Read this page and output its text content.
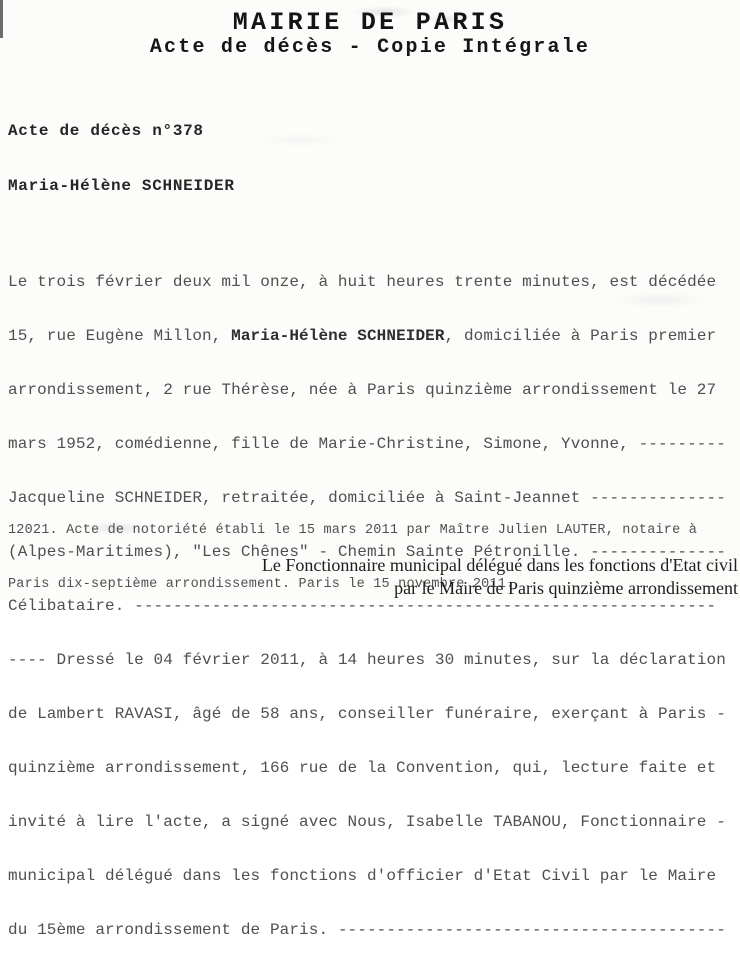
MAIRIE DE PARIS
Acte de décès - Copie Intégrale
Acte de décès n°378
Maria-Hélène SCHNEIDER

Le trois février deux mil onze, à huit heures trente minutes, est décédée

15, rue Eugène Millon, Maria-Hélène SCHNEIDER, domiciliée à Paris premier

arrondissement, 2 rue Thérèse, née à Paris quinzième arrondissement le 27

mars 1952, comédienne, fille de Marie-Christine, Simone, Yvonne, ---------

Jacqueline SCHNEIDER, retraitée, domiciliée à Saint-Jeannet --------------

(Alpes-Maritimes), "Les Chênes" - Chemin Sainte Pétronille. --------------

Célibataire. ------------------------------------------------------------

---- Dressé le 04 février 2011, à 14 heures 30 minutes, sur la déclaration

de Lambert RAVASI, âgé de 58 ans, conseiller funéraire, exerçant à Paris -

quinzième arrondissement, 166 rue de la Convention, qui, lecture faite et

invité à lire l'acte, a signé avec Nous, Isabelle TABANOU, Fonctionnaire -

municipal délégué dans les fonctions d'officier d'Etat Civil par le Maire

du 15ème arrondissement de Paris. ----------------------------------------

12021. Acte de notoriété établi le 15 mars 2011 par Maître Julien LAUTER, notaire à

Paris dix-septième arrondissement. Paris le 15 novembre 2011.

Le Fonctionnaire municipal délégué dans les fonctions d'Etat civil
par le Maire de Paris quinzième arrondissement
